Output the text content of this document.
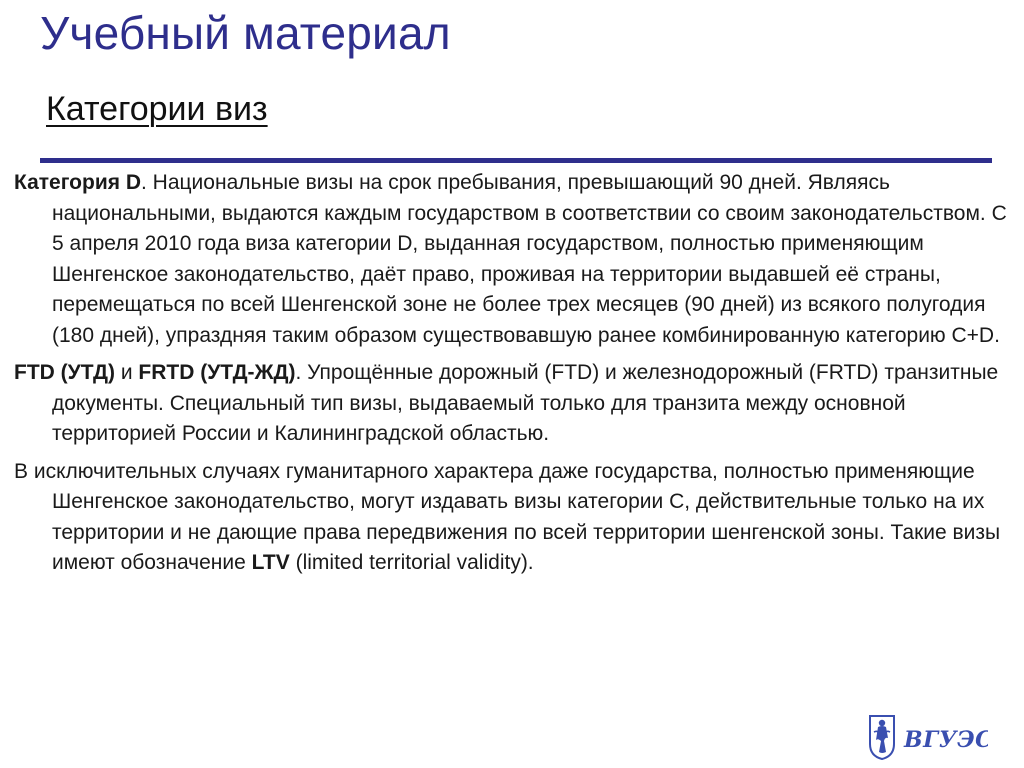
Учебный материал
Категории виз

Категория D. Национальные визы на срок пребывания, превышающий 90 дней. Являясь национальными, выдаются каждым государством в соответствии со своим законодательством. С 5 апреля 2010 года виза категории D, выданная государством, полностью применяющим Шенгенское законодательство, даёт право, проживая на территории выдавшей её страны, перемещаться по всей Шенгенской зоне не более трех месяцев (90 дней) из всякого полугодия (180 дней), упраздняя таким образом существовавшую ранее комбинированную категорию C+D.

FTD (УТД) и FRTD (УТД-ЖД). Упрощённые дорожный (FTD) и железнодорожный (FRTD) транзитные документы. Специальный тип визы, выдаваемый только для транзита между основной территорией России и Калининградской областью.

В исключительных случаях гуманитарного характера даже государства, полностью применяющие Шенгенское законодательство, могут издавать визы категории C, действительные только на их территории и не дающие права передвижения по всей территории шенгенской зоны. Такие визы имеют обозначение LTV (limited territorial validity).

ВГУЭС
